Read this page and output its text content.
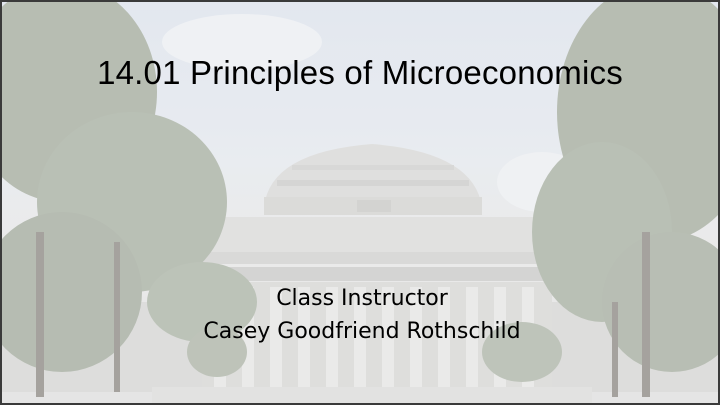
14.01 Principles of Microeconomics
Class Instructor
Casey Goodfriend Rothschild
